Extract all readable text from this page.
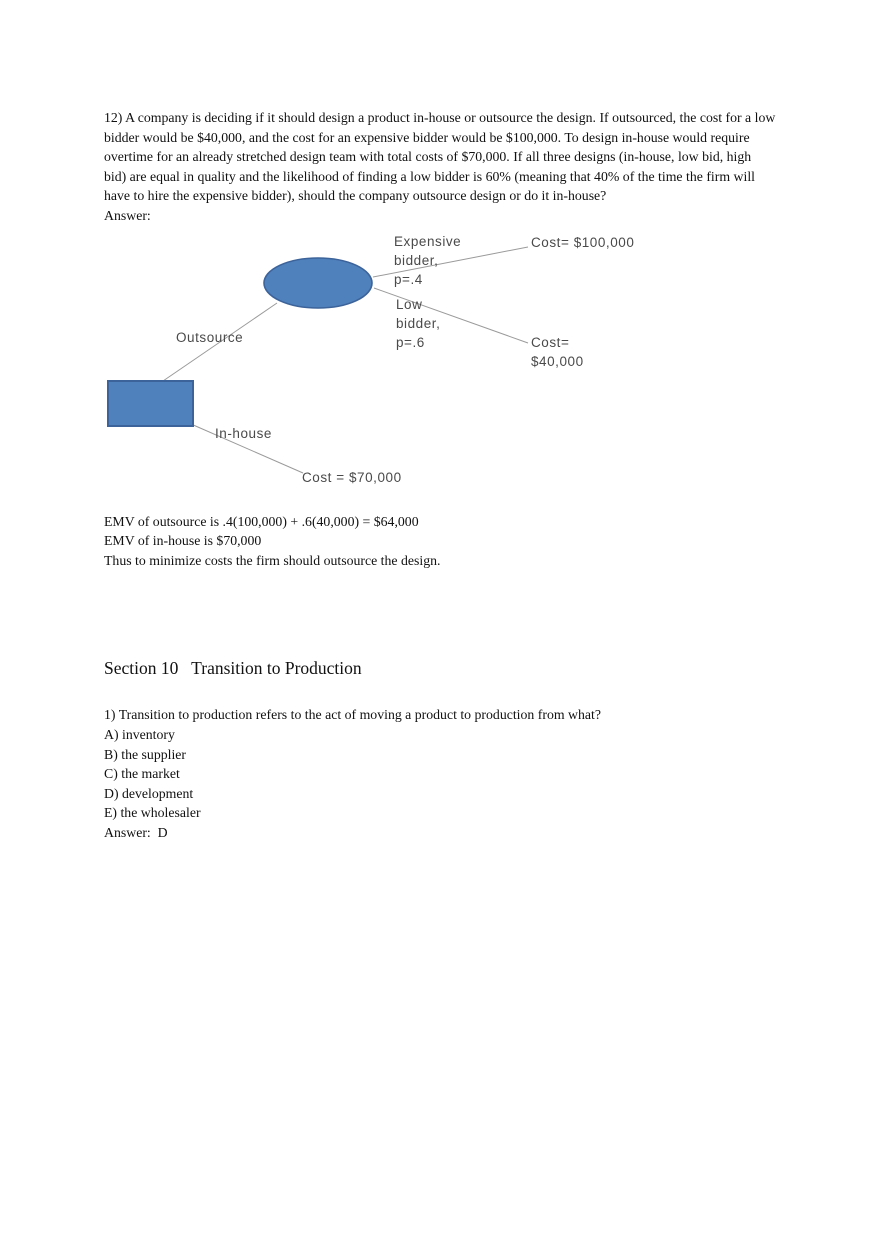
12) A company is deciding if it should design a product in-house or outsource the design. If outsourced, the cost for a low bidder would be $40,000, and the cost for an expensive bidder would be $100,000. To design in-house would require overtime for an already stretched design team with total costs of $70,000. If all three designs (in-house, low bid, high bid) are equal in quality and the likelihood of finding a low bidder is 60% (meaning that 40% of the time the firm will have to hire the expensive bidder), should the company outsource design or do it in-house?

Answer:

Expensive
bidder,
p=.4
Cost= $100,000
Low
bidder,
p=.6	Cost=
$40,000
Outsource
In-house
Cost = $70,000

EMV of outsource is .4(100,000) + .6(40,000) = $64,000

EMV of in-house is $70,000

Thus to minimize costs the firm should outsource the design.

Section 10   Transition to Production

1) Transition to production refers to the act of moving a product to production from what?

A) inventory

B) the supplier

C) the market

D) development

E) the wholesaler

Answer:  D
